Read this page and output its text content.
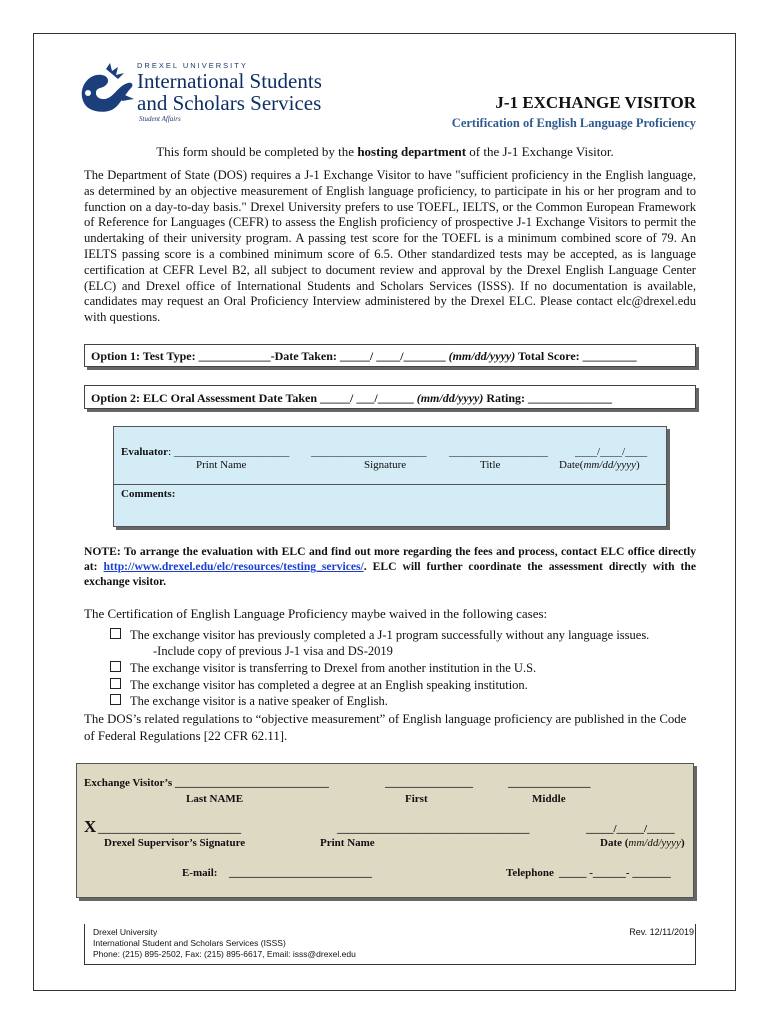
DREXEL UNIVERSITY
International Students
and Scholars Services
Student Affairs
J-1 EXCHANGE VISITOR
Certification of English Language Proficiency
This form should be completed by the hosting department of the J-1 Exchange Visitor.
The Department of State (DOS) requires a J-1 Exchange Visitor to have "sufficient proficiency in the English language, as determined by an objective measurement of English language proficiency, to participate in his or her program and to function on a day-to-day basis." Drexel University prefers to use TOEFL, IELTS, or the Common European Framework of Reference for Languages (CEFR) to assess the English proficiency of prospective J-1 Exchange Visitors to permit the undertaking of their university program. A passing test score for the TOEFL is a minimum combined score of 79. An IELTS passing score is a combined minimum score of 6.5. Other standardized tests may be accepted, as is language certification at CEFR Level B2, all subject to document review and approval by the Drexel English Language Center (ELC) and Drexel office of International Students and Scholars Services (ISSS). If no documentation is available, candidates may request an Oral Proficiency Interview administered by the Drexel ELC. Please contact elc@drexel.edu with questions.
Option 1: Test Type: ____________-Date Taken: _____/ ____/_______ (mm/dd/yyyy) Total Score: _________
Option 2: ELC Oral Assessment Date Taken _____/ ___/______ (mm/dd/yyyy) Rating: ______________
Evaluator: _____________________ _____________________ __________________ ____/____/____
Print Name	Signature	Title	Date(mm/dd/yyyy)
Comments:
NOTE: To arrange the evaluation with ELC and find out more regarding the fees and process, contact ELC office directly at: http://www.drexel.edu/elc/resources/testing_services/. ELC will further coordinate the assessment directly with the exchange visitor.
The Certification of English Language Proficiency maybe waived in the following cases:
The exchange visitor has previously completed a J-1 program successfully without any language issues.
-Include copy of previous J-1 visa and DS-2019
The exchange visitor is transferring to Drexel from another institution in the U.S.
The exchange visitor has completed a degree at an English speaking institution.
The exchange visitor is a native speaker of English.
The DOS’s related regulations to “objective measurement” of English language proficiency are published in the Code of Federal Regulations [22 CFR 62.11].
Exchange Visitor’s ____________________________	________________	_______________
Last NAME	First	Middle
X __________________________	___________________________________	_____/_____/_____
Drexel Supervisor’s Signature	Print Name	Date (mm/dd/yyyy)
E-mail: __________________________	Telephone _____ -______- _______
Drexel University
International Student and Scholars Services (ISSS)
Phone: (215) 895-2502, Fax: (215) 895-6617, Email: isss@drexel.edu
Rev. 12/11/2019
